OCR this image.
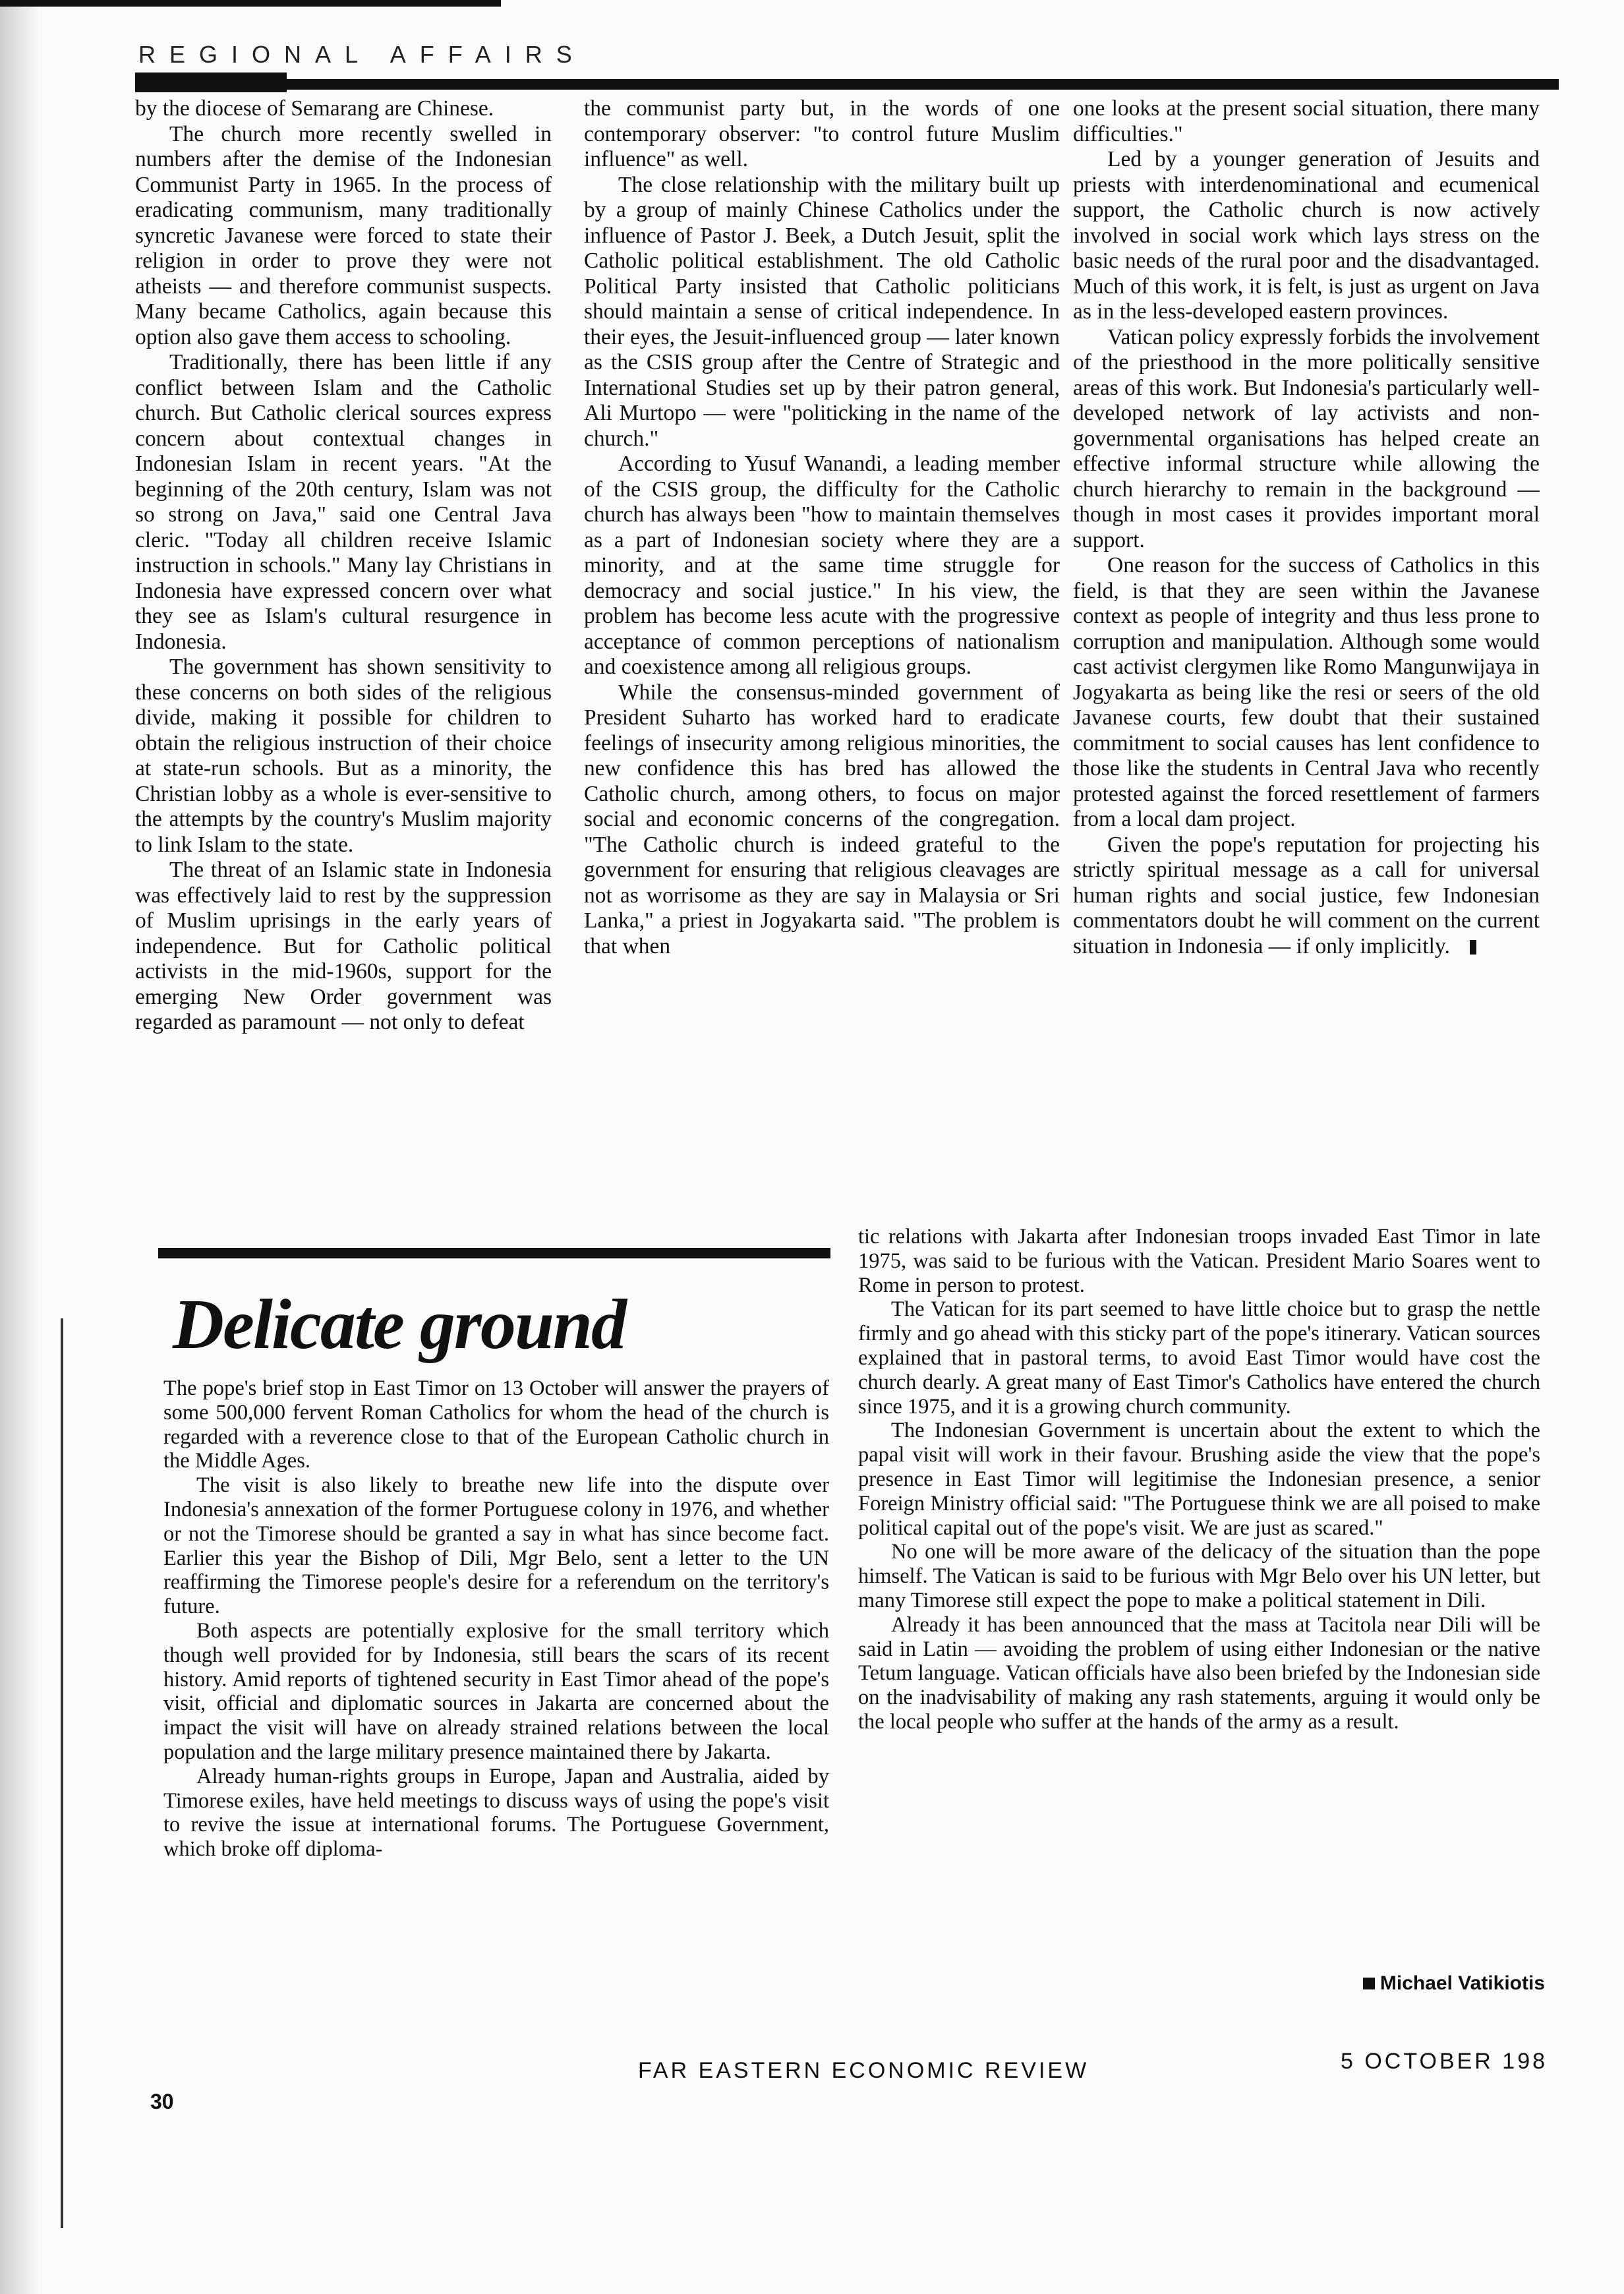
REGIONAL AFFAIRS

by the diocese of Semarang are Chinese.

The church more recently swelled in numbers after the demise of the Indonesian Communist Party in 1965. In the process of eradicating communism, many traditionally syncretic Javanese were forced to state their religion in order to prove they were not atheists — and therefore communist suspects. Many became Catholics, again because this option also gave them access to schooling.

Traditionally, there has been little if any conflict between Islam and the Catholic church. But Catholic clerical sources express concern about contextual changes in Indonesian Islam in recent years. "At the beginning of the 20th century, Islam was not so strong on Java," said one Central Java cleric. "Today all children receive Islamic instruction in schools." Many lay Christians in Indonesia have expressed concern over what they see as Islam's cultural resurgence in Indonesia.

The government has shown sensitivity to these concerns on both sides of the religious divide, making it possible for children to obtain the religious instruction of their choice at state-run schools. But as a minority, the Christian lobby as a whole is ever-sensitive to the attempts by the country's Muslim majority to link Islam to the state.

The threat of an Islamic state in Indonesia was effectively laid to rest by the suppression of Muslim uprisings in the early years of independence. But for Catholic political activists in the mid-1960s, support for the emerging New Order government was regarded as paramount — not only to defeat

the communist party but, in the words of one contemporary observer: "to control future Muslim influence" as well.

The close relationship with the military built up by a group of mainly Chinese Catholics under the influence of Pastor J. Beek, a Dutch Jesuit, split the Catholic political establishment. The old Catholic Political Party insisted that Catholic politicians should maintain a sense of critical independence. In their eyes, the Jesuit-influenced group — later known as the CSIS group after the Centre of Strategic and International Studies set up by their patron general, Ali Murtopo — were "politicking in the name of the church."

According to Yusuf Wanandi, a leading member of the CSIS group, the difficulty for the Catholic church has always been "how to maintain themselves as a part of Indonesian society where they are a minority, and at the same time struggle for democracy and social justice." In his view, the problem has become less acute with the progressive acceptance of common perceptions of nationalism and coexistence among all religious groups.

While the consensus-minded government of President Suharto has worked hard to eradicate feelings of insecurity among religious minorities, the new confidence this has bred has allowed the Catholic church, among others, to focus on major social and economic concerns of the congregation. "The Catholic church is indeed grateful to the government for ensuring that religious cleavages are not as worrisome as they are say in Malaysia or Sri Lanka," a priest in Jogyakarta said. "The problem is that when

one looks at the present social situation, there many difficulties."

Led by a younger generation of Jesuits and priests with interdenominational and ecumenical support, the Catholic church is now actively involved in social work which lays stress on the basic needs of the rural poor and the disadvantaged. Much of this work, it is felt, is just as urgent on Java as in the less-developed eastern provinces.

Vatican policy expressly forbids the involvement of the priesthood in the more politically sensitive areas of this work. But Indonesia's particularly well-developed network of lay activists and non-governmental organisations has helped create an effective informal structure while allowing the church hierarchy to remain in the background — though in most cases it provides important moral support.

One reason for the success of Catholics in this field, is that they are seen within the Javanese context as people of integrity and thus less prone to corruption and manipulation. Although some would cast activist clergymen like Romo Mangunwijaya in Jogyakarta as being like the resi or seers of the old Javanese courts, few doubt that their sustained commitment to social causes has lent confidence to those like the students in Central Java who recently protested against the forced resettlement of farmers from a local dam project.

Given the pope's reputation for projecting his strictly spiritual message as a call for universal human rights and social justice, few Indonesian commentators doubt he will comment on the current situation in Indonesia — if only implicitly.

Delicate ground

The pope's brief stop in East Timor on 13 October will answer the prayers of some 500,000 fervent Roman Catholics for whom the head of the church is regarded with a reverence close to that of the European Catholic church in the Middle Ages.

The visit is also likely to breathe new life into the dispute over Indonesia's annexation of the former Portuguese colony in 1976, and whether or not the Timorese should be granted a say in what has since become fact. Earlier this year the Bishop of Dili, Mgr Belo, sent a letter to the UN reaffirming the Timorese people's desire for a referendum on the territory's future.

Both aspects are potentially explosive for the small territory which though well provided for by Indonesia, still bears the scars of its recent history. Amid reports of tightened security in East Timor ahead of the pope's visit, official and diplomatic sources in Jakarta are concerned about the impact the visit will have on already strained relations between the local population and the large military presence maintained there by Jakarta.

Already human-rights groups in Europe, Japan and Australia, aided by Timorese exiles, have held meetings to discuss ways of using the pope's visit to revive the issue at international forums. The Portuguese Government, which broke off diploma-

tic relations with Jakarta after Indonesian troops invaded East Timor in late 1975, was said to be furious with the Vatican. President Mario Soares went to Rome in person to protest.

The Vatican for its part seemed to have little choice but to grasp the nettle firmly and go ahead with this sticky part of the pope's itinerary. Vatican sources explained that in pastoral terms, to avoid East Timor would have cost the church dearly. A great many of East Timor's Catholics have entered the church since 1975, and it is a growing church community.

The Indonesian Government is uncertain about the extent to which the papal visit will work in their favour. Brushing aside the view that the pope's presence in East Timor will legitimise the Indonesian presence, a senior Foreign Ministry official said: "The Portuguese think we are all poised to make political capital out of the pope's visit. We are just as scared."

No one will be more aware of the delicacy of the situation than the pope himself. The Vatican is said to be furious with Mgr Belo over his UN letter, but many Timorese still expect the pope to make a political statement in Dili.

Already it has been announced that the mass at Tacitola near Dili will be said in Latin — avoiding the problem of using either Indonesian or the native Tetum language. Vatican officials have also been briefed by the Indonesian side on the inadvisability of making any rash statements, arguing it would only be the local people who suffer at the hands of the army as a result.

Michael Vatikiotis
30
FAR EASTERN ECONOMIC REVIEW	5 OCTOBER 198
